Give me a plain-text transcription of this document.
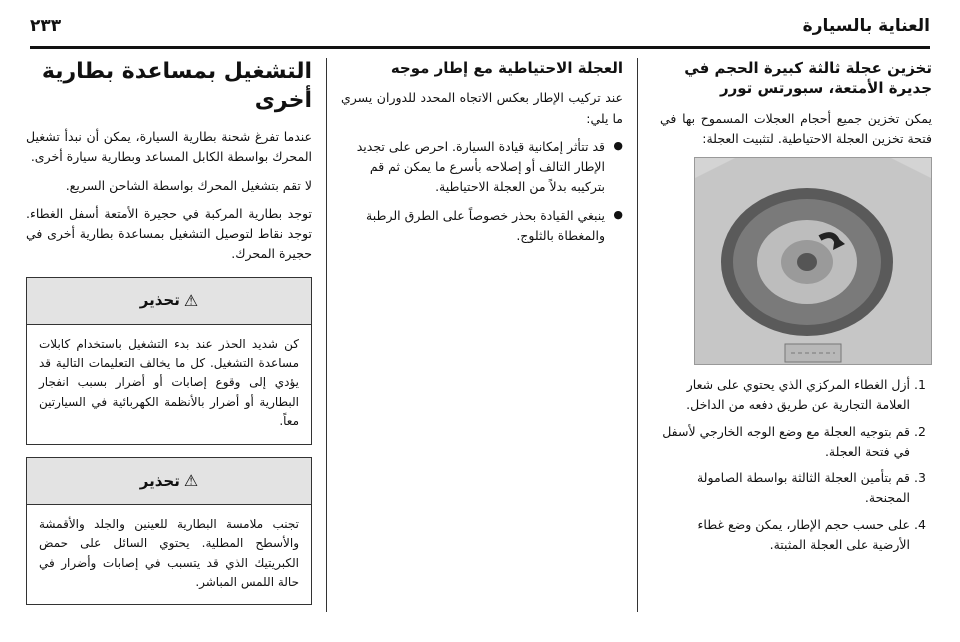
العناية بالسيارة
٢٣٣
تخزين عجلة ثالثة كبيرة الحجم في جديرة الأمتعة، سبورتس تورر

يمكن تخزين جميع أحجام العجلات المسموح بها في فتحة تخزين العجلة الاحتياطية. لتثبيت العجلة:

1. أزل الغطاء المركزي الذي يحتوي على شعار العلامة التجارية عن طريق دفعه من الداخل.
2. قم بتوجيه العجلة مع وضع الوجه الخارجي لأسفل في فتحة العجلة.
3. قم بتأمين العجلة الثالثة بواسطة الصامولة المجنحة.
4. على حسب حجم الإطار، يمكن وضع غطاء الأرضية على العجلة المثبتة.
العجلة الاحتياطية مع إطار موجه

عند تركيب الإطار بعكس الاتجاه المحدد للدوران يسري ما يلي:

● قد تتأثر إمكانية قيادة السيارة. احرص على تجديد الإطار التالف أو إصلاحه بأسرع ما يمكن ثم قم بتركيبه بدلاً من العجلة الاحتياطية.
● ينبغي القيادة بحذر خصوصاً على الطرق الرطبة والمغطاة بالثلوج.
التشغيل بمساعدة بطارية أخرى

عندما تفرغ شحنة بطارية السيارة، يمكن أن نبدأ تشغيل المحرك بواسطة الكابل المساعد وبطارية سيارة أخرى.

لا تقم بتشغيل المحرك بواسطة الشاحن السريع.

توجد بطارية المركبة في حجيرة الأمتعة أسفل الغطاء. توجد نقاط لتوصيل التشغيل بمساعدة بطارية أخرى في حجيرة المحرك.

⚠
تحذير
كن شديد الحذر عند بدء التشغيل باستخدام كابلات مساعدة التشغيل. كل ما يخالف التعليمات التالية قد يؤدي إلى وقوع إصابات أو أضرار بسبب انفجار البطارية أو أضرار بالأنظمة الكهربائية في السيارتين معاً.
⚠
تحذير
تجنب ملامسة البطارية للعينين والجلد والأقمشة والأسطح المطلية. يحتوي السائل على حمض الكبريتيك الذي قد يتسبب في إصابات وأضرار في حالة اللمس المباشر.
